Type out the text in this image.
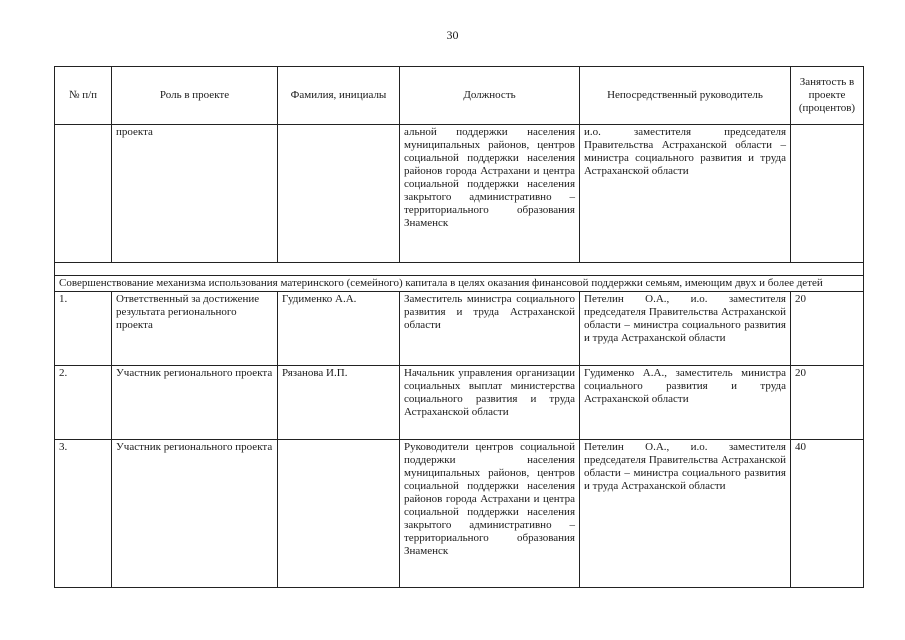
30
№ п/п	Роль в проекте	Фамилия, инициалы	Должность	Непосредственный руководитель	Занятость в проекте (процентов)
	проекта		альной поддержки населения муниципальных районов, центров социальной поддержки населения районов города Астрахани и центра социальной поддержки населения закрытого административно – территориального образования Знаменск	и.о. заместителя председателя Правительства Астраханской области – министра социального развития и труда Астраханской области	

Совершенствование механизма использования материнского (семейного) капитала в целях оказания финансовой поддержки семьям, имеющим двух и более детей					
1.	Ответственный за достижение результата регионального проекта	Гудименко А.А.	Заместитель министра социального развития и труда Астраханской области	Петелин О.А., и.о. заместителя председателя Правительства Астраханской области – министра социального развития и труда Астраханской области	20
2.	Участник регионального проекта	Рязанова И.П.	Начальник управления организации социальных выплат министерства социального развития и труда Астраханской области	Гудименко А.А., заместитель министра социального развития и труда Астраханской области	20
3.	Участник регионального проекта		Руководители центров социальной поддержки населения муниципальных районов, центров социальной поддержки населения районов города Астрахани и центра социальной поддержки населения закрытого административно – территориального образования Знаменск	Петелин О.А., и.о. заместителя председателя Правительства Астраханской области – министра социального развития и труда Астраханской области	40
